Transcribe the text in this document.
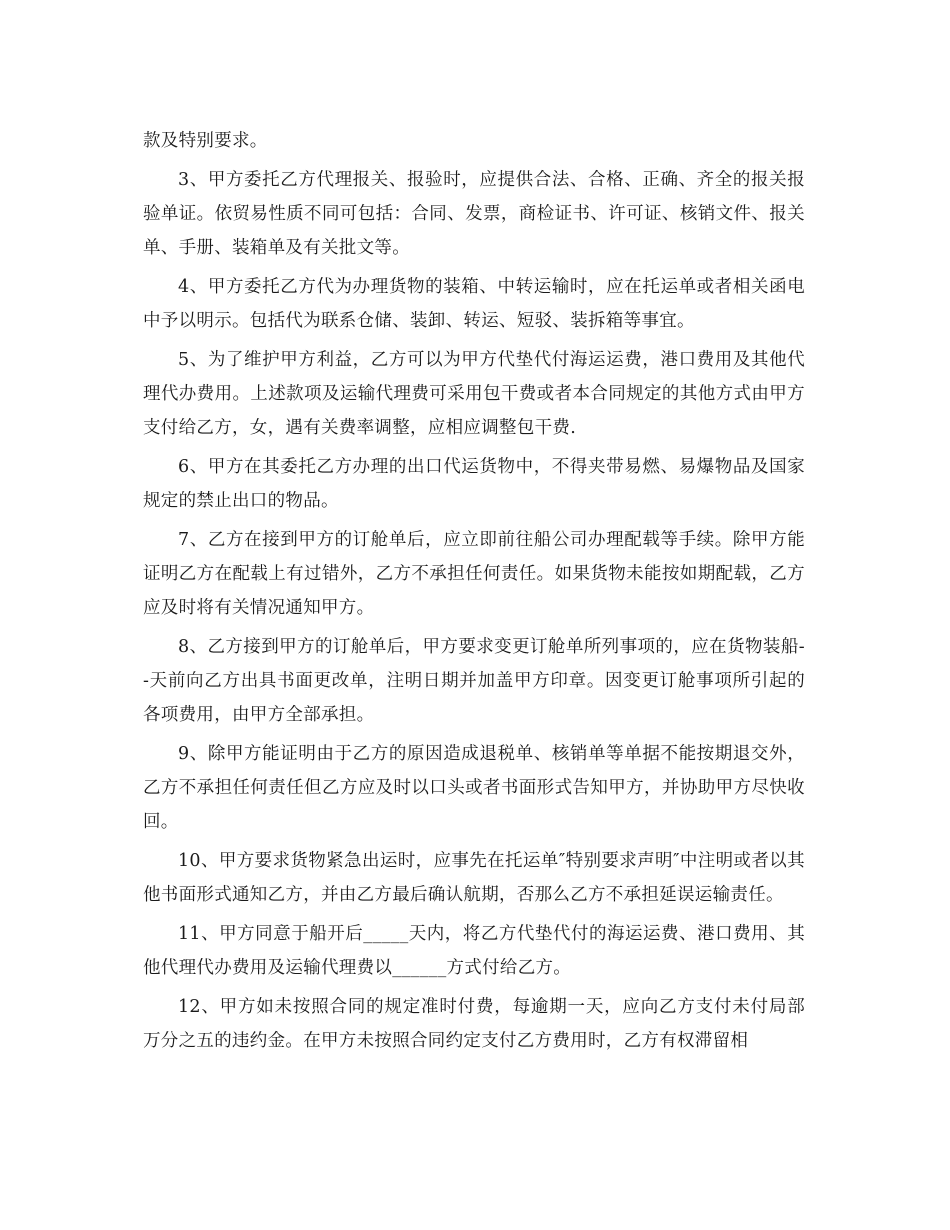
款及特别要求。

3、甲方委托乙方代理报关、报验时，应提供合法、合格、正确、齐全的报关报验单证。依贸易性质不同可包括：合同、发票，商检证书、许可证、核销文件、报关单、手册、装箱单及有关批文等。

4、甲方委托乙方代为办理货物的装箱、中转运输时，应在托运单或者相关函电中予以明示。包括代为联系仓储、装卸、转运、短驳、装拆箱等事宜。

5、为了维护甲方利益，乙方可以为甲方代垫代付海运运费，港口费用及其他代理代办费用。上述款项及运输代理费可采用包干费或者本合同规定的其他方式由甲方支付给乙方，女，遇有关费率调整，应相应调整包干费.

6、甲方在其委托乙方办理的出口代运货物中，不得夹带易燃、易爆物品及国家规定的禁止出口的物品。

7、乙方在接到甲方的订舱单后，应立即前往船公司办理配载等手续。除甲方能证明乙方在配载上有过错外，乙方不承担任何责任。如果货物未能按如期配载，乙方应及时将有关情况通知甲方。

8、乙方接到甲方的订舱单后，甲方要求变更订舱单所列事项的，应在货物装船--天前向乙方出具书面更改单，注明日期并加盖甲方印章。因变更订舱事项所引起的各项费用，由甲方全部承担。

9、除甲方能证明由于乙方的原因造成退税单、核销单等单据不能按期退交外，乙方不承担任何责任但乙方应及时以口头或者书面形式告知甲方，并协助甲方尽快收回。

10、甲方要求货物紧急出运时，应事先在托运单″特别要求声明″中注明或者以其他书面形式通知乙方，并由乙方最后确认航期，否那么乙方不承担延误运输责任。

11、甲方同意于船开后_____天内，将乙方代垫代付的海运运费、港口费用、其他代理代办费用及运输代理费以______方式付给乙方。

12、甲方如未按照合同的规定准时付费，每逾期一天，应向乙方支付未付局部万分之五的违约金。在甲方未按照合同约定支付乙方费用时，乙方有权滞留相
